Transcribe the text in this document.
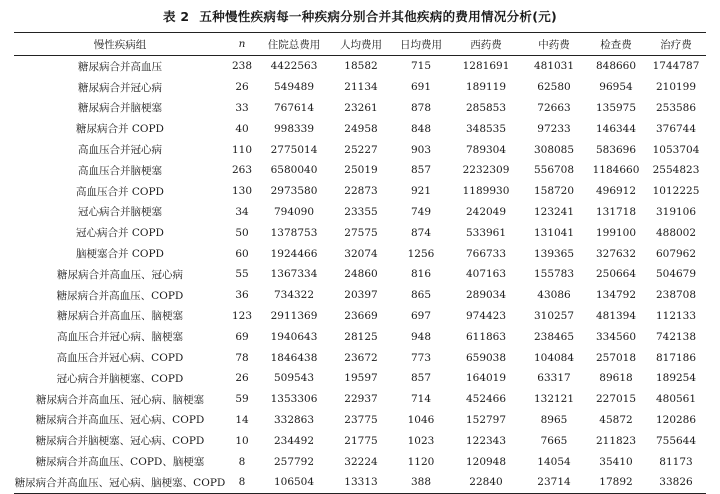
表 2 五种慢性疾病每一种疾病分别合并其他疾病的费用情况分析(元)
慢性疾病组	n	住院总费用	人均费用	日均费用	西药费	中药费	检查费	治疗费
糖尿病合并高血压	238	4422563	18582	715	1281691	481031	848660	1744787
糖尿病合并冠心病	26	549489	21134	691	189119	62580	96954	210199
糖尿病合并脑梗塞	33	767614	23261	878	285853	72663	135975	253586
糖尿病合并 COPD	40	998339	24958	848	348535	97233	146344	376744
高血压合并冠心病	110	2775014	25227	903	789304	308085	583696	1053704
高血压合并脑梗塞	263	6580040	25019	857	2232309	556708	1184660	2554823
高血压合并 COPD	130	2973580	22873	921	1189930	158720	496912	1012225
冠心病合并脑梗塞	34	794090	23355	749	242049	123241	131718	319106
冠心病合并 COPD	50	1378753	27575	874	533961	131041	199100	488002
脑梗塞合并 COPD	60	1924466	32074	1256	766733	139365	327632	607962
糖尿病合并高血压、冠心病	55	1367334	24860	816	407163	155783	250664	504679
糖尿病合并高血压、COPD	36	734322	20397	865	289034	43086	134792	238708
糖尿病合并高血压、脑梗塞	123	2911369	23669	697	974423	310257	481394	112133
高血压合并冠心病、脑梗塞	69	1940643	28125	948	611863	238465	334560	742138
高血压合并冠心病、COPD	78	1846438	23672	773	659038	104084	257018	817186
冠心病合并脑梗塞、COPD	26	509543	19597	857	164019	63317	89618	189254
糖尿病合并高血压、冠心病、脑梗塞	59	1353306	22937	714	452466	132121	227015	480561
糖尿病合并高血压、冠心病、COPD	14	332863	23775	1046	152797	8965	45872	120286
糖尿病合并脑梗塞、冠心病、COPD	10	234492	21775	1023	122343	7665	211823	755644
糖尿病合并高血压、COPD、脑梗塞	8	257792	32224	1120	120948	14054	35410	81173
糖尿病合并高血压、冠心病、脑梗塞、COPD	8	106504	13313	388	22840	23714	17892	33826
